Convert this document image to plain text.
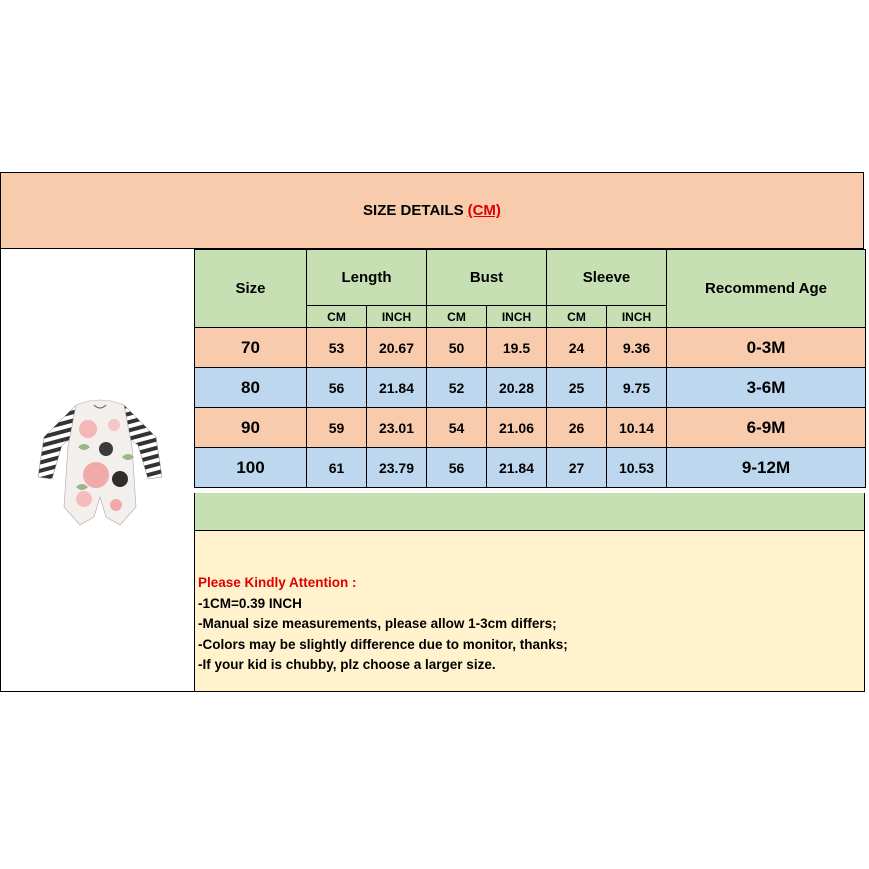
SIZE DETAILS (CM)
Size	Length		Bust		Sleeve		Recommend Age
	CM	INCH	CM	INCH	CM	INCH	
70	53	20.67	50	19.5	24	9.36	0-3M
80	56	21.84	52	20.28	25	9.75	3-6M
90	59	23.01	54	21.06	26	10.14	6-9M
100	61	23.79	56	21.84	27	10.53	9-12M
Please Kindly Attention :
-1CM=0.39 INCH
-Manual size measurements, please allow 1-3cm differs;
-Colors may be slightly difference due to monitor, thanks;
-If your kid is chubby, plz choose a larger size.
